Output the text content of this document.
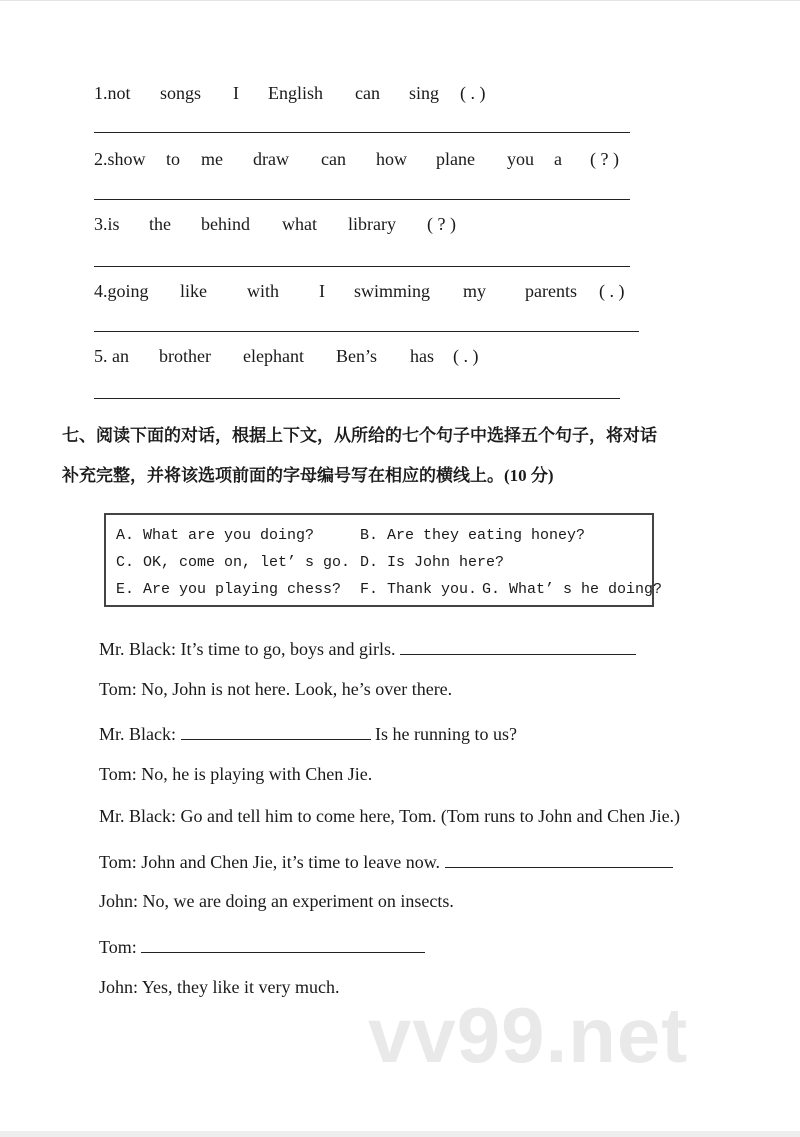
1.not songs I English can sing ( . )
2.show to me draw can how plane you a ( ? )
3.is the behind what library ( ? )
4.going like with I swimming my parents ( . )
5. an brother elephant Ben’s has ( . )
七、阅读下面的对话，根据上下文，从所给的七个句子中选择五个句子，将对话
补充完整，并将该选项前面的字母编号写在相应的横线上。(10 分)
A. What are you doing?	B. Are they eating honey?
C. OK, come on, let’ s go. D. Is John here?
E. Are you playing chess? F. Thank you. G. What’ s he doing?
Mr. Black: It’s time to go, boys and girls.
Tom: No, John is not here. Look, he’s over there.
Mr. Black:	Is he running to us?
Tom: No, he is playing with Chen Jie.
Mr. Black: Go and tell him to come here, Tom. (Tom runs to John and Chen Jie.)
Tom: John and Chen Jie, it’s time to leave now.
John: No, we are doing an experiment on insects.
Tom:
John: Yes, they like it very much.
vv99.net
